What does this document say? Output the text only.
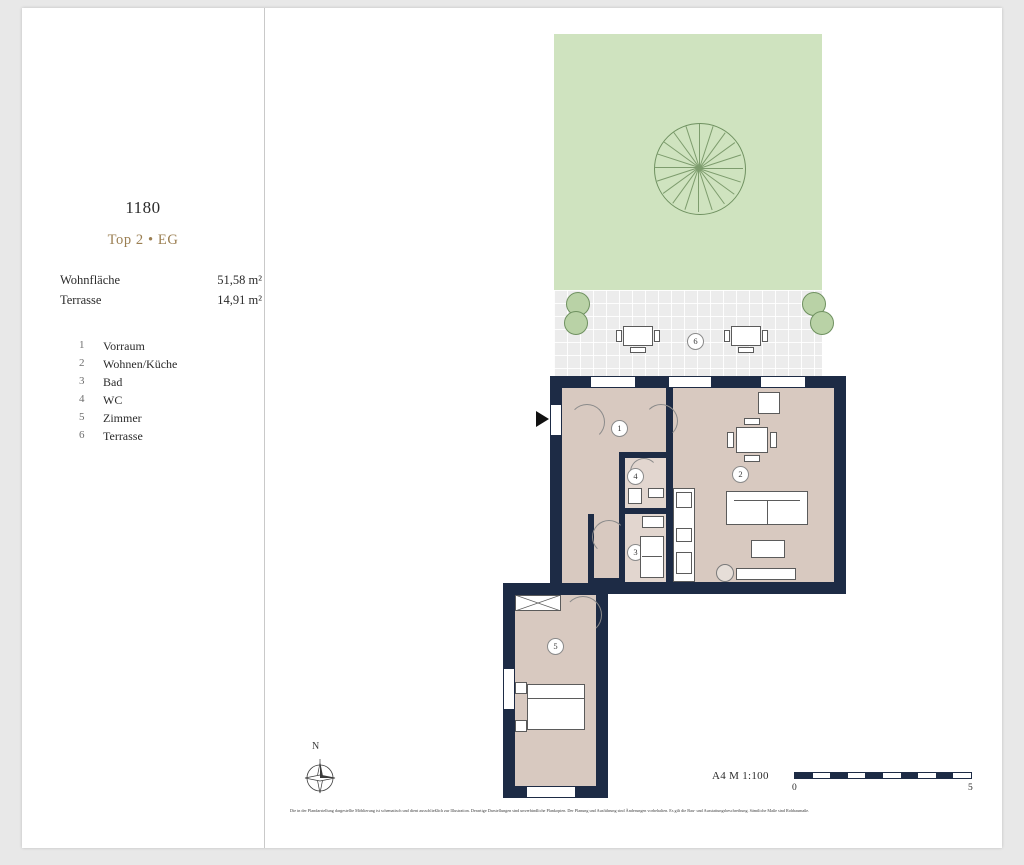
1180
Top 2 • EG
Wohnfläche	51,58 m²
Terrasse	14,91 m²
1 Vorraum
2 Wohnen/Küche
3 Bad
4 WC
5 Zimmer
6 Terrasse
N
A4 M 1:100
0	5
Die in der Plandarstellung dargestellte Möblierung ist schematisch und dient ausschließlich zur Illustration. Derartige Darstellungen sind unverbindliche Plankopien. Der Planung und Ausführung sind Änderungen vorbehalten. Es gilt die Bau- und Ausstattungsbeschreibung. Sämtliche Maße sind Rohbaumaße.
6
1
2
3
4
5
